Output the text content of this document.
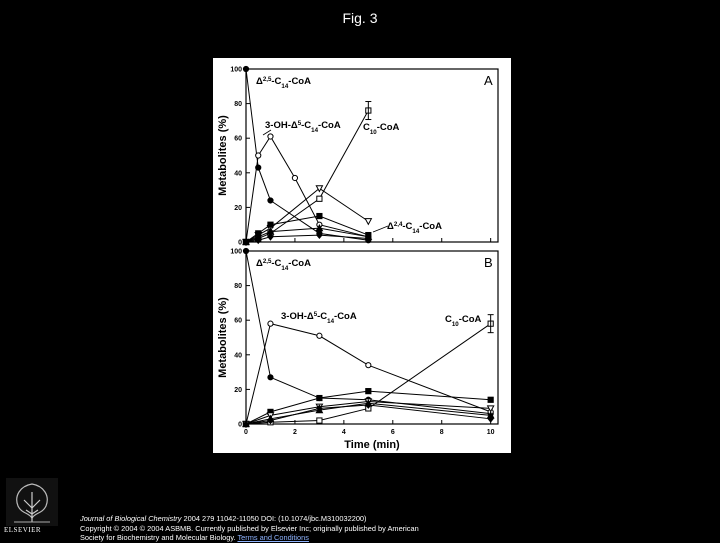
Fig. 3
0
20
40
60
80
100
Metabolites (%)
A
0
20
40
60
80
100
0	2	4	6	8	10
Metabolites (%)
Time (min)
B
$\Delta^{2,5}-C_{14}$-CoA
$3-OH-\Delta^5-C_{14}$-CoA $C_{10}$-CoA
$\Delta^{2,4}-C_{14}$-CoA
$\Delta^{2,5}-C_{14}$-CoA
$3-OH-\Delta^5-C_{14}$-CoA	$C_{10}$-CoA
ELSEVIER
Journal of Biological Chemistry 2004 279 11042-11050 DOI: (10.1074/jbc.M310032200)
Copyright © 2004 © 2004 ASBMB. Currently published by Elsevier Inc; originally published by American
Society for Biochemistry and Molecular Biology. Terms and Conditions
